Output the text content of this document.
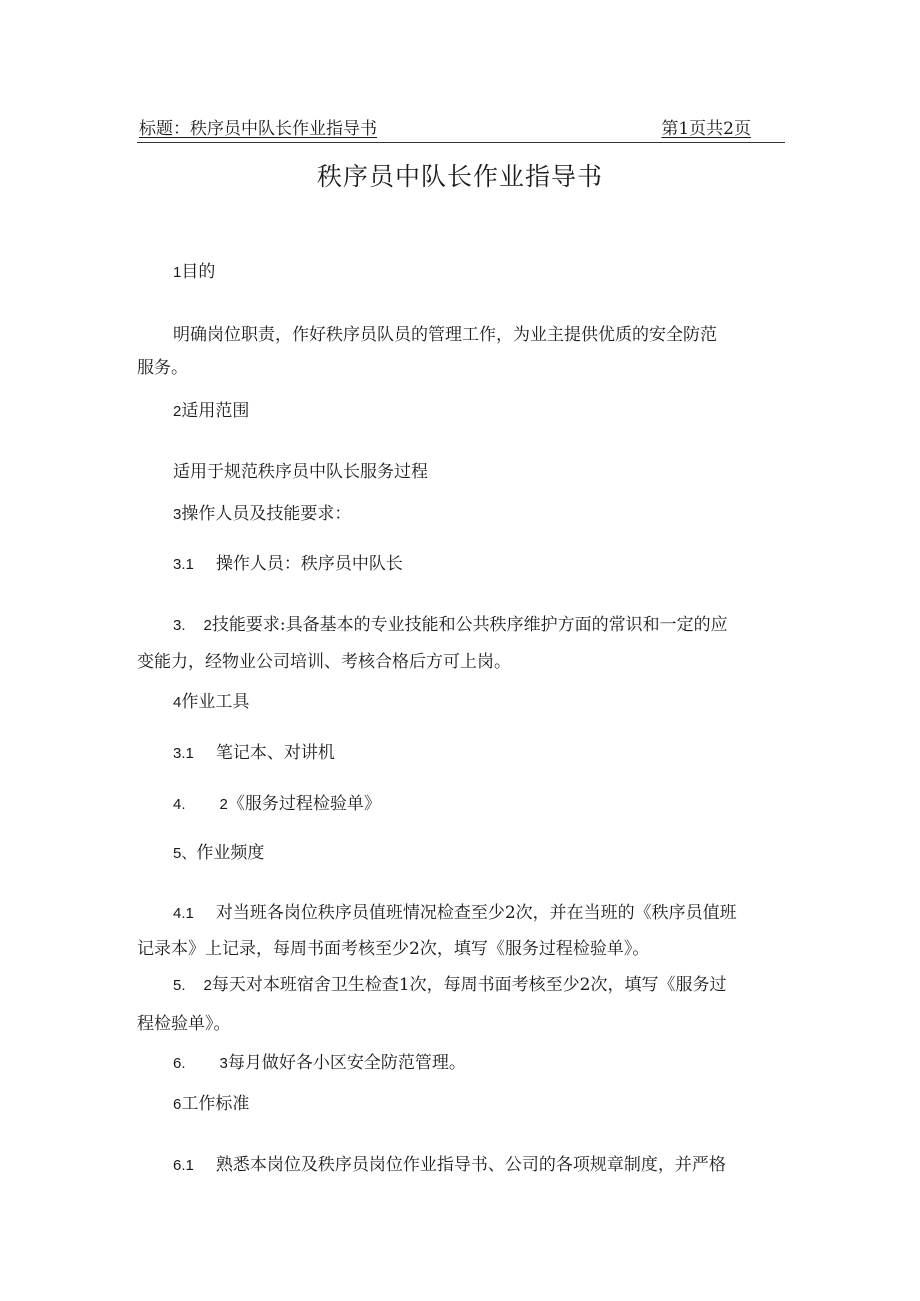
标题：秩序员中队长作业指导书	第1页共2页
秩序员中队长作业指导书
1目的
明确岗位职责，作好秩序员队员的管理工作，为业主提供优质的安全防范
服务。
2适用范围
适用于规范秩序员中队长服务过程
3操作人员及技能要求：
3.1 操作人员：秩序员中队长
3. 2技能要求:具备基本的专业技能和公共秩序维护方面的常识和一定的应
变能力，经物业公司培训、考核合格后方可上岗。
4作业工具
3.1 笔记本、对讲机
4. 2《服务过程检验单》
5、作业频度
4.1 对当班各岗位秩序员值班情况检查至少2次，并在当班的《秩序员值班
记录本》上记录，每周书面考核至少2次，填写《服务过程检验单》。
5. 2每天对本班宿舍卫生检查1次，每周书面考核至少2次，填写《服务过
程检验单》。
6. 3每月做好各小区安全防范管理。
6工作标准
6.1 熟悉本岗位及秩序员岗位作业指导书、公司的各项规章制度，并严格
